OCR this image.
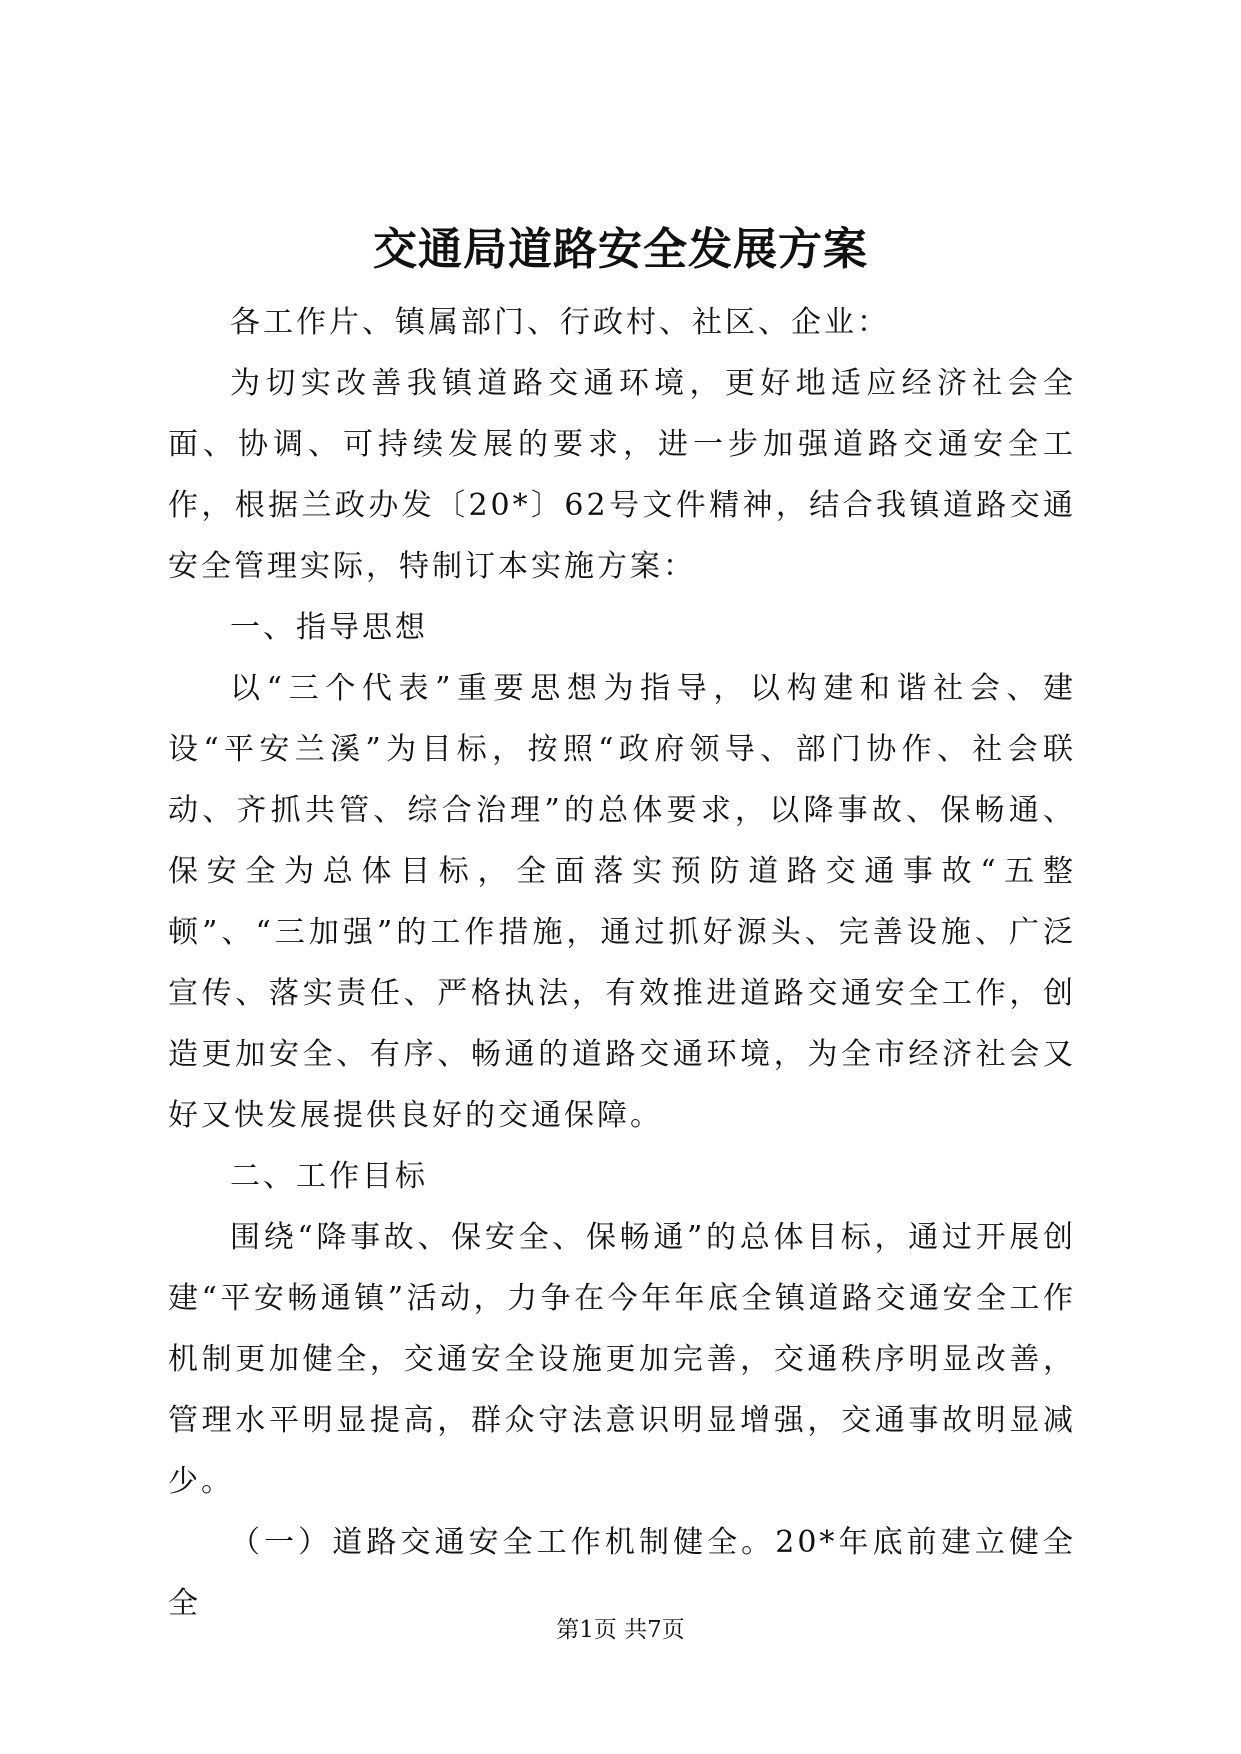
交通局道路安全发展方案

各工作片、镇属部门、行政村、社区、企业：

为切实改善我镇道路交通环境，更好地适应经济社会全面、协调、可持续发展的要求，进一步加强道路交通安全工作，根据兰政办发〔20*〕62号文件精神，结合我镇道路交通安全管理实际，特制订本实施方案：

一、指导思想

以“三个代表”重要思想为指导，以构建和谐社会、建设“平安兰溪”为目标，按照“政府领导、部门协作、社会联动、齐抓共管、综合治理”的总体要求，以降事故、保畅通、保安全为总体目标，全面落实预防道路交通事故“五整顿”、“三加强”的工作措施，通过抓好源头、完善设施、广泛宣传、落实责任、严格执法，有效推进道路交通安全工作，创造更加安全、有序、畅通的道路交通环境，为全市经济社会又好又快发展提供良好的交通保障。

二、工作目标

围绕“降事故、保安全、保畅通”的总体目标，通过开展创建“平安畅通镇”活动，力争在今年年底全镇道路交通安全工作机制更加健全，交通安全设施更加完善，交通秩序明显改善，管理水平明显提高，群众守法意识明显增强，交通事故明显减少。

（一）道路交通安全工作机制健全。20*年底前建立健全全

第1页 共7页
